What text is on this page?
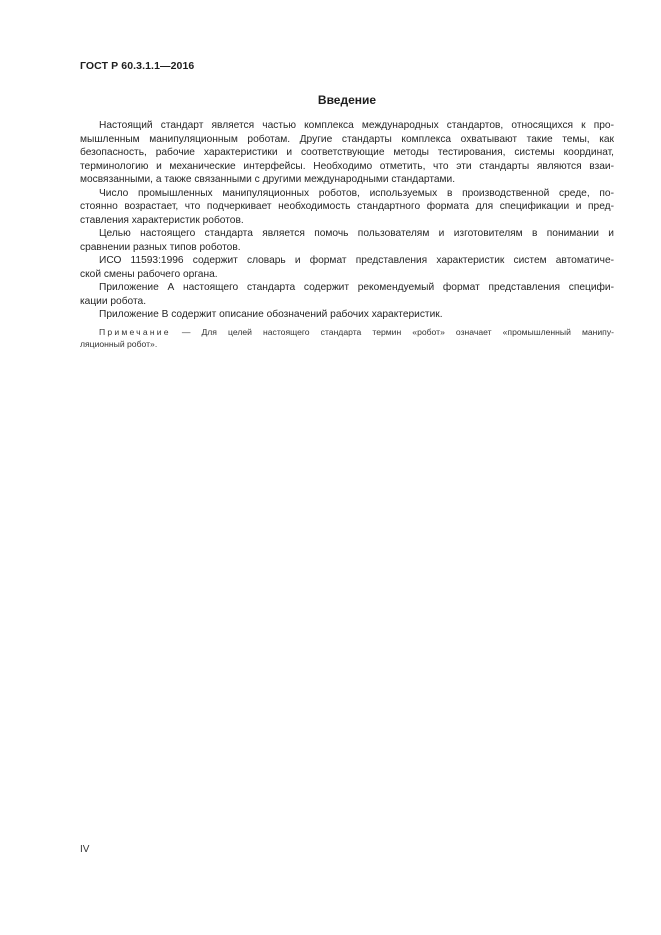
ГОСТ Р 60.3.1.1—2016
Введение

Настоящий стандарт является частью комплекса международных стандартов, относящихся к про-
мышленным манипуляционным роботам. Другие стандарты комплекса охватывают такие темы, как
безопасность, рабочие характеристики и соответствующие методы тестирования, системы координат,
терминологию и механические интерфейсы. Необходимо отметить, что эти стандарты являются взаи-
мосвязанными, а также связанными с другими международными стандартами.

Число промышленных манипуляционных роботов, используемых в производственной среде, по-
стоянно возрастает, что подчеркивает необходимость стандартного формата для спецификации и пред-
ставления характеристик роботов.

Целью настоящего стандарта является помочь пользователям и изготовителям в понимании и
сравнении разных типов роботов.

ИСО 11593:1996 содержит словарь и формат представления характеристик систем автоматиче-
ской смены рабочего органа.

Приложение А настоящего стандарта содержит рекомендуемый формат представления специфи-
кации робота.

Приложение В содержит описание обозначений рабочих характеристик.

Примечание — Для целей настоящего стандарта термин «робот» означает «промышленный манипу-
ляционный робот».

IV
